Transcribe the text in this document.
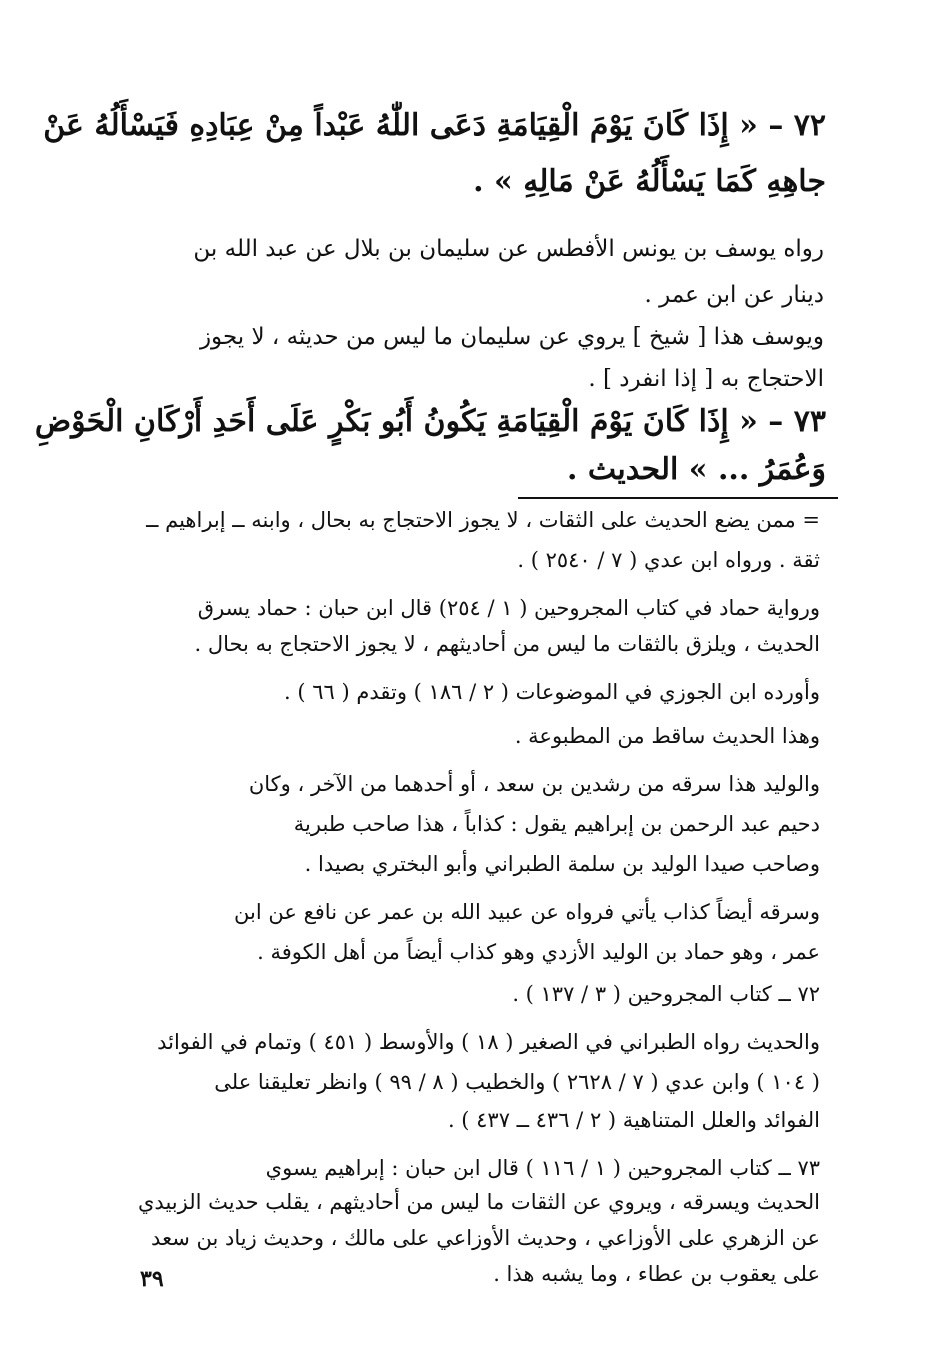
٧٢ – « إِذَا كَانَ يَوْمَ الْقِيَامَةِ دَعَى اللّٰهُ عَبْداً مِنْ عِبَادِهِ فَيَسْأَلُهُ عَنْ

جاهِهِ كَمَا يَسْأَلُهُ عَنْ مَالِهِ » .

رواه يوسف بن يونس الأفطس عن سليمان بن بلال عن عبد الله بن

دينار عن ابن عمر .

ويوسف هذا [ شيخ ] يروي عن سليمان ما ليس من حديثه ، لا يجوز

الاحتجاج به [ إذا انفرد ] .

٧٣ – « إِذَا كَانَ يَوْمَ الْقِيَامَةِ يَكُونُ أَبُو بَكْرٍ عَلَى أَحَدِ أَرْكَانِ الْحَوْضِ

وَعُمَرُ ... » الحديث .

= ممن يضع الحديث على الثقات ، لا يجوز الاحتجاج به بحال ، وابنه ــ إبراهيم ــ

ثقة . ورواه ابن عدي ( ٧ / ٢٥٤٠ ) .

ورواية حماد في كتاب المجروحين ( ١ / ٢٥٤) قال ابن حبان : حماد يسرق

الحديث ، ويلزق بالثقات ما ليس من أحاديثهم ، لا يجوز الاحتجاج به بحال .

وأورده ابن الجوزي في الموضوعات ( ٢ / ١٨٦ ) وتقدم ( ٦٦ ) .

وهذا الحديث ساقط من المطبوعة .

والوليد هذا سرقه من رشدين بن سعد ، أو أحدهما من الآخر ، وكان

دحيم عبد الرحمن بن إبراهيم يقول : كذاباً ، هذا صاحب طبرية

وصاحب صيدا الوليد بن سلمة الطبراني وأبو البختري بصيدا .

وسرقه أيضاً كذاب يأتي فرواه عن عبيد الله بن عمر عن نافع عن ابن

عمر ، وهو حماد بن الوليد الأزدي وهو كذاب أيضاً من أهل الكوفة .

٧٢ ــ كتاب المجروحين ( ٣ / ١٣٧ ) .

والحديث رواه الطبراني في الصغير ( ١٨ ) والأوسط ( ٤٥١ ) وتمام في الفوائد

( ١٠٤ ) وابن عدي ( ٧ / ٢٦٢٨ ) والخطيب ( ٨ / ٩٩ ) وانظر تعليقنا على

الفوائد والعلل المتناهية ( ٢ / ٤٣٦ ــ ٤٣٧ ) .

٧٣ ــ كتاب المجروحين ( ١ / ١١٦ ) قال ابن حبان : إبراهيم يسوي

الحديث ويسرقه ، ويروي عن الثقات ما ليس من أحاديثهم ، يقلب حديث الزبيدي

عن الزهري على الأوزاعي ، وحديث الأوزاعي على مالك ، وحديث زياد بن سعد

على يعقوب بن عطاء ، وما يشبه هذا .

٣٩
